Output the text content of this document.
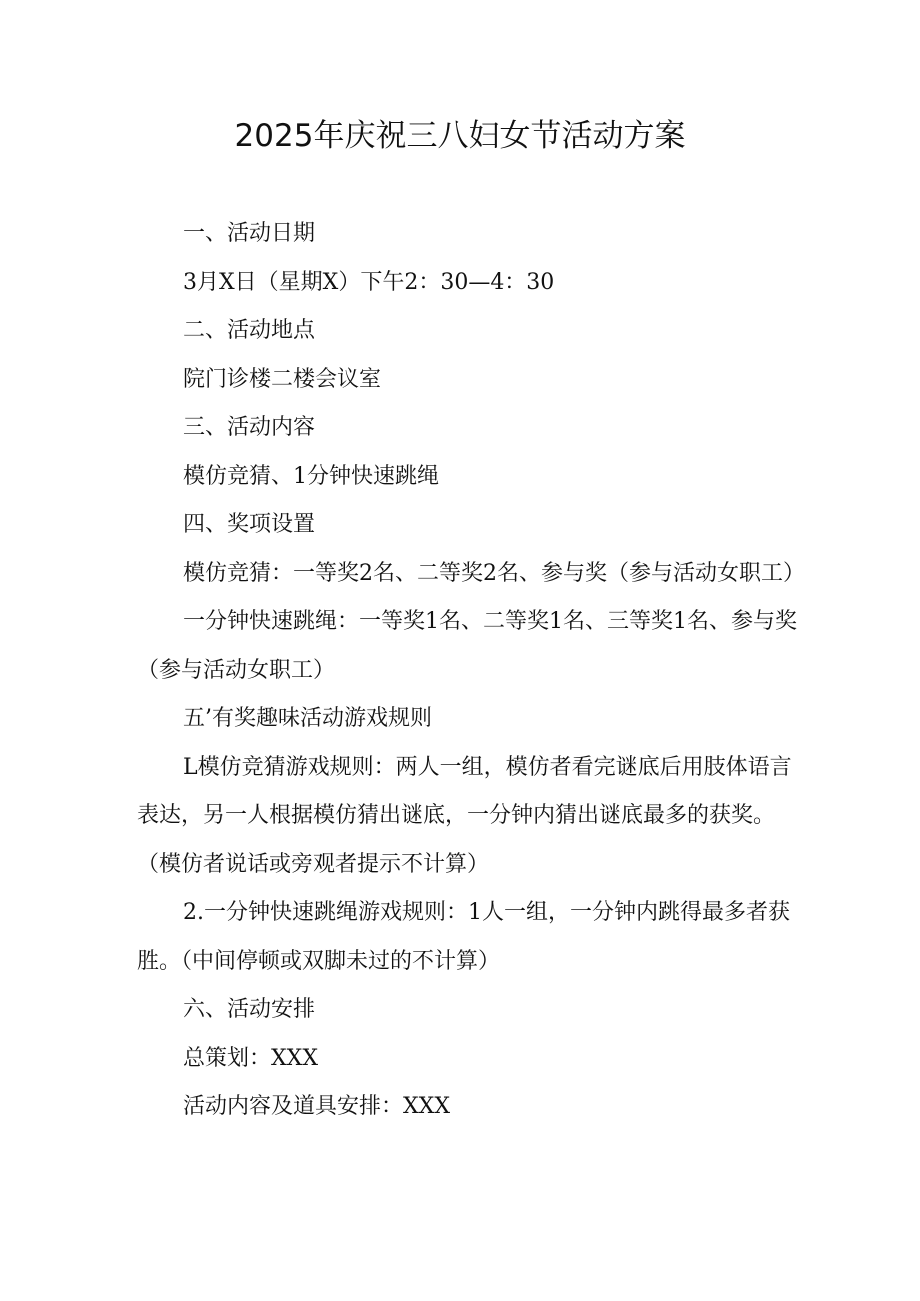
2025年庆祝三八妇女节活动方案

一、活动日期

3月X日（星期X）下午2：30—4：30

二、活动地点

院门诊楼二楼会议室

三、活动内容

模仿竞猜、1分钟快速跳绳

四、奖项设置

模仿竞猜：一等奖2名、二等奖2名、参与奖（参与活动女职工）

一分钟快速跳绳：一等奖1名、二等奖1名、三等奖1名、参与奖（参与活动女职工）

五’有奖趣味活动游戏规则

L模仿竞猜游戏规则：两人一组，模仿者看完谜底后用肢体语言表达，另一人根据模仿猜出谜底，一分钟内猜出谜底最多的获奖。（模仿者说话或旁观者提示不计算）

2.一分钟快速跳绳游戏规则：1人一组，一分钟内跳得最多者获胜。（中间停顿或双脚未过的不计算）

六、活动安排

总策划：XXX

活动内容及道具安排：XXX
